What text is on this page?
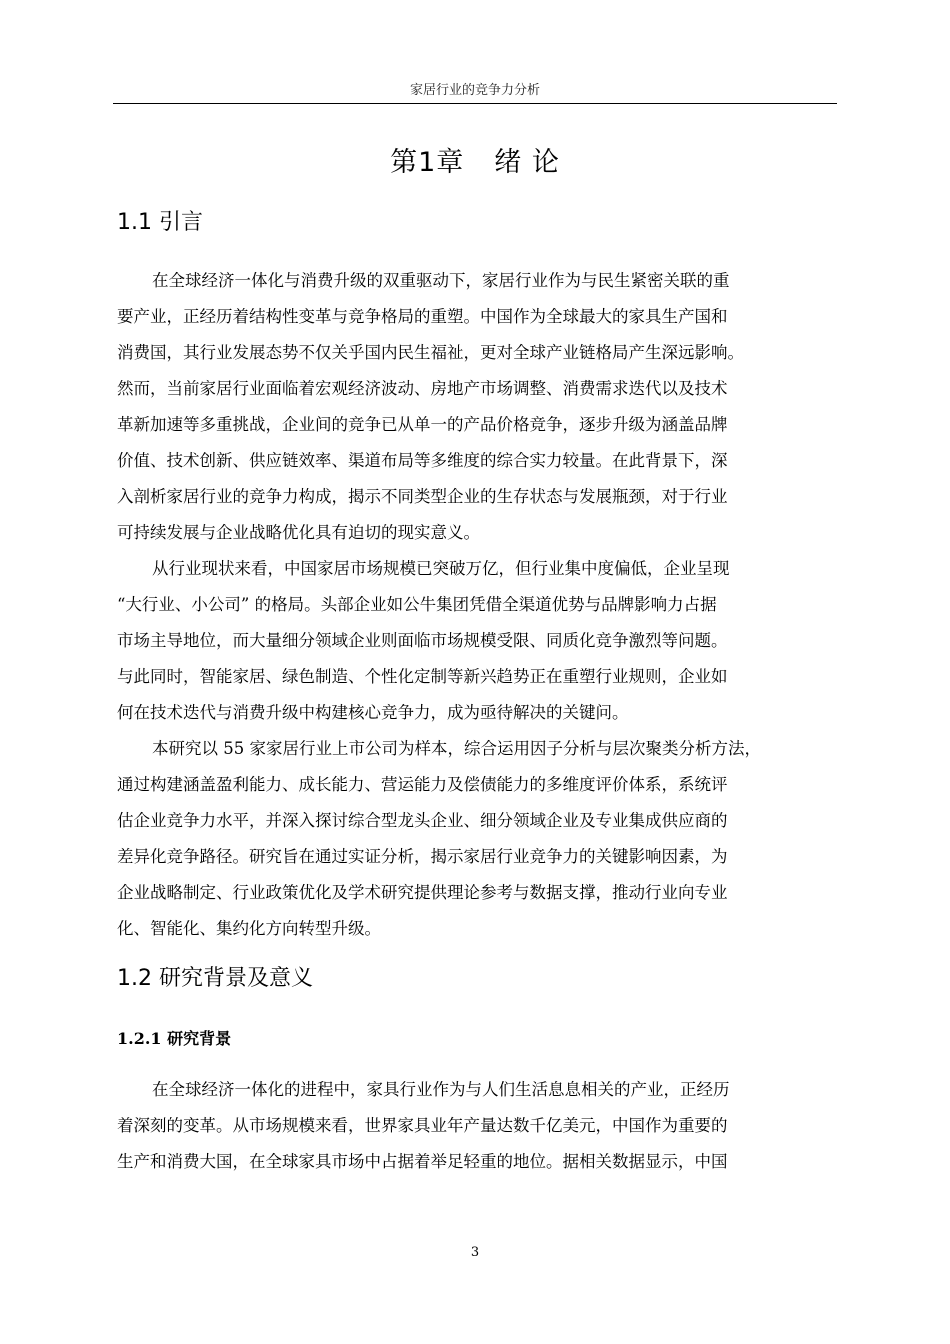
家居行业的竞争力分析
第1章 绪 论
1.1 引言
在全球经济一体化与消费升级的双重驱动下，家居行业作为与民生紧密关联的重
要产业，正经历着结构性变革与竞争格局的重塑。中国作为全球最大的家具生产国和
消费国，其行业发展态势不仅关乎国内民生福祉，更对全球产业链格局产生深远影响。
然而，当前家居行业面临着宏观经济波动、房地产市场调整、消费需求迭代以及技术
革新加速等多重挑战，企业间的竞争已从单一的产品价格竞争，逐步升级为涵盖品牌
价值、技术创新、供应链效率、渠道布局等多维度的综合实力较量。在此背景下，深
入剖析家居行业的竞争力构成，揭示不同类型企业的生存状态与发展瓶颈，对于行业
可持续发展与企业战略优化具有迫切的现实意义。
从行业现状来看，中国家居市场规模已突破万亿，但行业集中度偏低，企业呈现
“大行业、小公司” 的格局。头部企业如公牛集团凭借全渠道优势与品牌影响力占据
市场主导地位，而大量细分领域企业则面临市场规模受限、同质化竞争激烈等问题。
与此同时，智能家居、绿色制造、个性化定制等新兴趋势正在重塑行业规则，企业如
何在技术迭代与消费升级中构建核心竞争力，成为亟待解决的关键问。
本研究以 55 家家居行业上市公司为样本，综合运用因子分析与层次聚类分析方法，
通过构建涵盖盈利能力、成长能力、营运能力及偿债能力的多维度评价体系，系统评
估企业竞争力水平，并深入探讨综合型龙头企业、细分领域企业及专业集成供应商的
差异化竞争路径。研究旨在通过实证分析，揭示家居行业竞争力的关键影响因素，为
企业战略制定、行业政策优化及学术研究提供理论参考与数据支撑，推动行业向专业
化、智能化、集约化方向转型升级。
1.2 研究背景及意义
1.2.1 研究背景
在全球经济一体化的进程中，家具行业作为与人们生活息息相关的产业，正经历
着深刻的变革。从市场规模来看，世界家具业年产量达数千亿美元，中国作为重要的
生产和消费大国，在全球家具市场中占据着举足轻重的地位。据相关数据显示，中国
3
